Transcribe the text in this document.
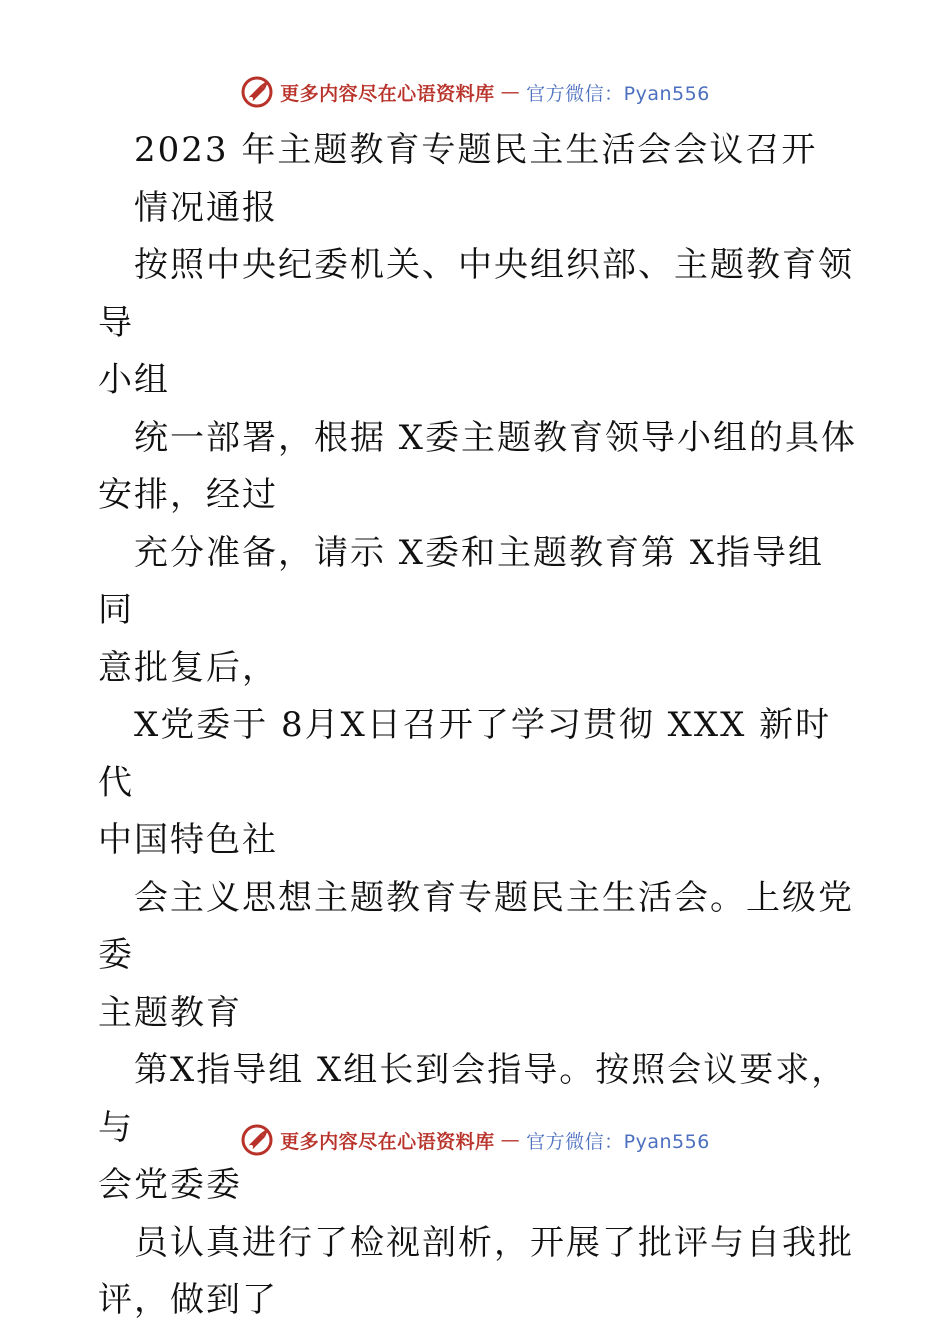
更多内容尽在心语资料库 — 官方微信：Pyan556

2023 年主题教育专题民主生活会会议召开

情况通报

按照中央纪委机关、中央组织部、主题教育领导

小组

统一部署，根据 X委主题教育领导小组的具体

安排，经过

充分准备，请示 X委和主题教育第 X指导组同

意批复后，

X党委于 8月X日召开了学习贯彻 XXX 新时代

中国特色社

会主义思想主题教育专题民主生活会。上级党委

主题教育

第X指导组 X组长到会指导。按照会议要求，与

会党委委

员认真进行了检视剖析，开展了批评与自我批

评，做到了

更多内容尽在心语资料库 — 官方微信：Pyan556
